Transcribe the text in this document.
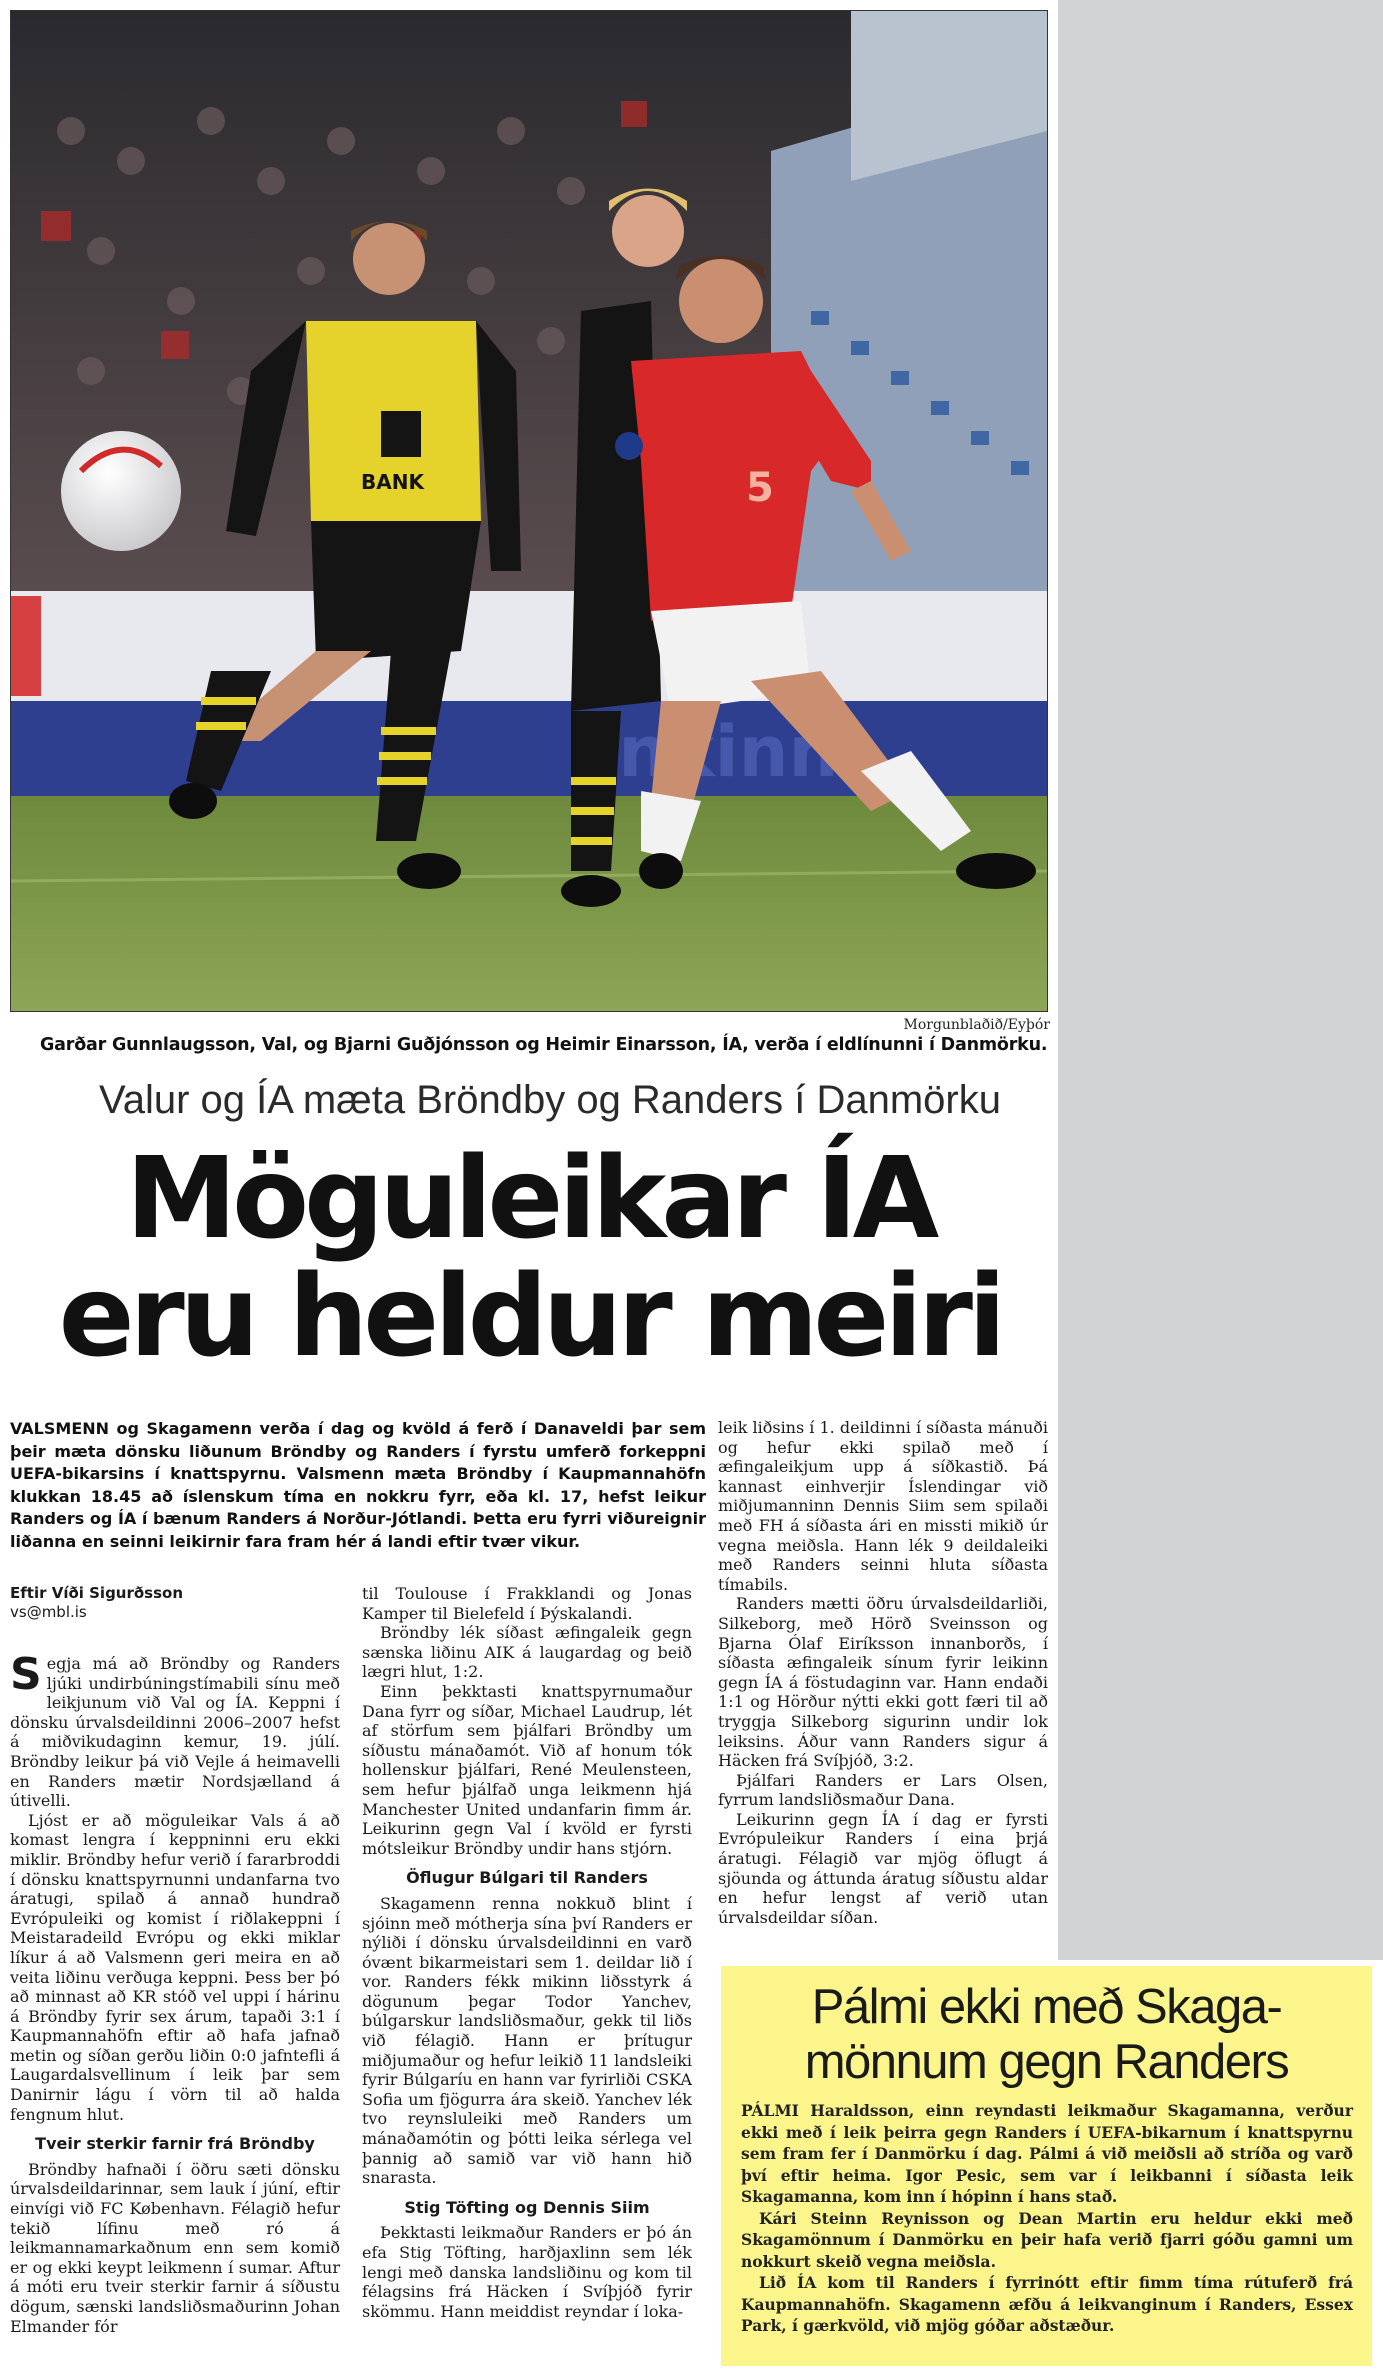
BANK	5
Morgunblaðið/Eyþór
Garðar Gunnlaugsson, Val, og Bjarni Guðjónsson og Heimir Einarsson, ÍA, verða í eldlínunni í Danmörku.
Valur og ÍA mæta Bröndby og Randers í Danmörku
Möguleikar ÍA
eru heldur meiri
VALSMENN og Skagamenn verða í dag og kvöld á ferð í Danaveldi þar sem þeir mæta dönsku liðunum Bröndby og Randers í fyrstu umferð forkeppni UEFA-bikarsins í knattspyrnu. Valsmenn mæta Bröndby í Kaupmannahöfn klukkan 18.45 að íslenskum tíma en nokkru fyrr, eða kl. 17, hefst leikur Randers og ÍA í bænum Randers á Norður-Jótlandi. Þetta eru fyrri viðureignir liðanna en seinni leikirnir fara fram hér á landi eftir tvær vikur.
Eftir Víði Sigurðsson
vs@mbl.is

Segja má að Bröndby og Randers ljúki undirbúningstímabili sínu með leikjunum við Val og ÍA. Keppni í dönsku úrvalsdeildinni 2006–2007 hefst á miðvikudaginn kemur, 19. júlí. Bröndby leikur þá við Vejle á heimavelli en Randers mætir Nordsjælland á útivelli.

Ljóst er að möguleikar Vals á að komast lengra í keppninni eru ekki miklir. Bröndby hefur verið í fararbroddi í dönsku knattspyrnunni undanfarna tvo áratugi, spilað á annað hundrað Evrópuleiki og komist í riðlakeppni í Meistaradeild Evrópu og ekki miklar líkur á að Valsmenn geri meira en að veita liðinu verðuga keppni. Þess ber þó að minnast að KR stóð vel uppi í hárinu á Bröndby fyrir sex árum, tapaði 3:1 í Kaupmannahöfn eftir að hafa jafnað metin og síðan gerðu liðin 0:0 jafntefli á Laugardalsvellinum í leik þar sem Danirnir lágu í vörn til að halda fengnum hlut.

Tveir sterkir farnir frá Bröndby

Bröndby hafnaði í öðru sæti dönsku úrvalsdeildarinnar, sem lauk í júní, eftir einvígi við FC København. Félagið hefur tekið lífinu með ró á leikmannamarkaðnum enn sem komið er og ekki keypt leikmenn í sumar. Aftur á móti eru tveir sterkir farnir á síðustu dögum, sænski landsliðsmaðurinn Johan Elmander fór

til Toulouse í Frakklandi og Jonas Kamper til Bielefeld í Þýskalandi.

Bröndby lék síðast æfingaleik gegn sænska liðinu AIK á laugardag og beið lægri hlut, 1:2.

Einn þekktasti knattspyrnumaður Dana fyrr og síðar, Michael Laudrup, lét af störfum sem þjálfari Bröndby um síðustu mánaðamót. Við af honum tók hollenskur þjálfari, René Meulensteen, sem hefur þjálfað unga leikmenn hjá Manchester United undanfarin fimm ár. Leikurinn gegn Val í kvöld er fyrsti mótsleikur Bröndby undir hans stjórn.

Öflugur Búlgari til Randers

Skagamenn renna nokkuð blint í sjóinn með mótherja sína því Randers er nýliði í dönsku úrvalsdeildinni en varð óvænt bikarmeistari sem 1. deildar lið í vor. Randers fékk mikinn liðsstyrk á dögunum þegar Todor Yanchev, búlgarskur landsliðsmaður, gekk til liðs við félagið. Hann er þrítugur miðjumaður og hefur leikið 11 landsleiki fyrir Búlgaríu en hann var fyrirliði CSKA Sofia um fjögurra ára skeið. Yanchev lék tvo reynsluleiki með Randers um mánaðamótin og þótti leika sérlega vel þannig að samið var við hann hið snarasta.

Stig Töfting og Dennis Siim

Þekktasti leikmaður Randers er þó án efa Stig Töfting, harðjaxlinn sem lék lengi með danska landsliðinu og kom til félagsins frá Häcken í Svíþjóð fyrir skömmu. Hann meiddist reyndar í loka-

leik liðsins í 1. deildinni í síðasta mánuði og hefur ekki spilað með í æfingaleikjum upp á síðkastið. Þá kannast einhverjir Íslendingar við miðjumanninn Dennis Siim sem spilaði með FH á síðasta ári en missti mikið úr vegna meiðsla. Hann lék 9 deildaleiki með Randers seinni hluta síðasta tímabils.

Randers mætti öðru úrvalsdeildarliði, Silkeborg, með Hörð Sveinsson og Bjarna Ólaf Eiríksson innanborðs, í síðasta æfingaleik sínum fyrir leikinn gegn ÍA á föstudaginn var. Hann endaði 1:1 og Hörður nýtti ekki gott færi til að tryggja Silkeborg sigurinn undir lok leiksins. Áður vann Randers sigur á Häcken frá Svíþjóð, 3:2.

Þjálfari Randers er Lars Olsen, fyrrum landsliðsmaður Dana.

Leikurinn gegn ÍA í dag er fyrsti Evrópuleikur Randers í eina þrjá áratugi. Félagið var mjög öflugt á sjöunda og áttunda áratug síðustu aldar en hefur lengst af verið utan úrvalsdeildar síðan.

Pálmi ekki með Skaga-
mönnum gegn Randers

PÁLMI Haraldsson, einn reyndasti leikmaður Skagamanna, verður ekki með í leik þeirra gegn Randers í UEFA-bikarnum í knattspyrnu sem fram fer í Danmörku í dag. Pálmi á við meiðsli að stríða og varð því eftir heima. Igor Pesic, sem var í leikbanni í síðasta leik Skagamanna, kom inn í hópinn í hans stað.

Kári Steinn Reynisson og Dean Martin eru heldur ekki með Skagamönnum í Danmörku en þeir hafa verið fjarri góðu gamni um nokkurt skeið vegna meiðsla.

Lið ÍA kom til Randers í fyrrinótt eftir fimm tíma rútuferð frá Kaupmannahöfn. Skagamenn æfðu á leikvanginum í Randers, Essex Park, í gærkvöld, við mjög góðar aðstæður.
